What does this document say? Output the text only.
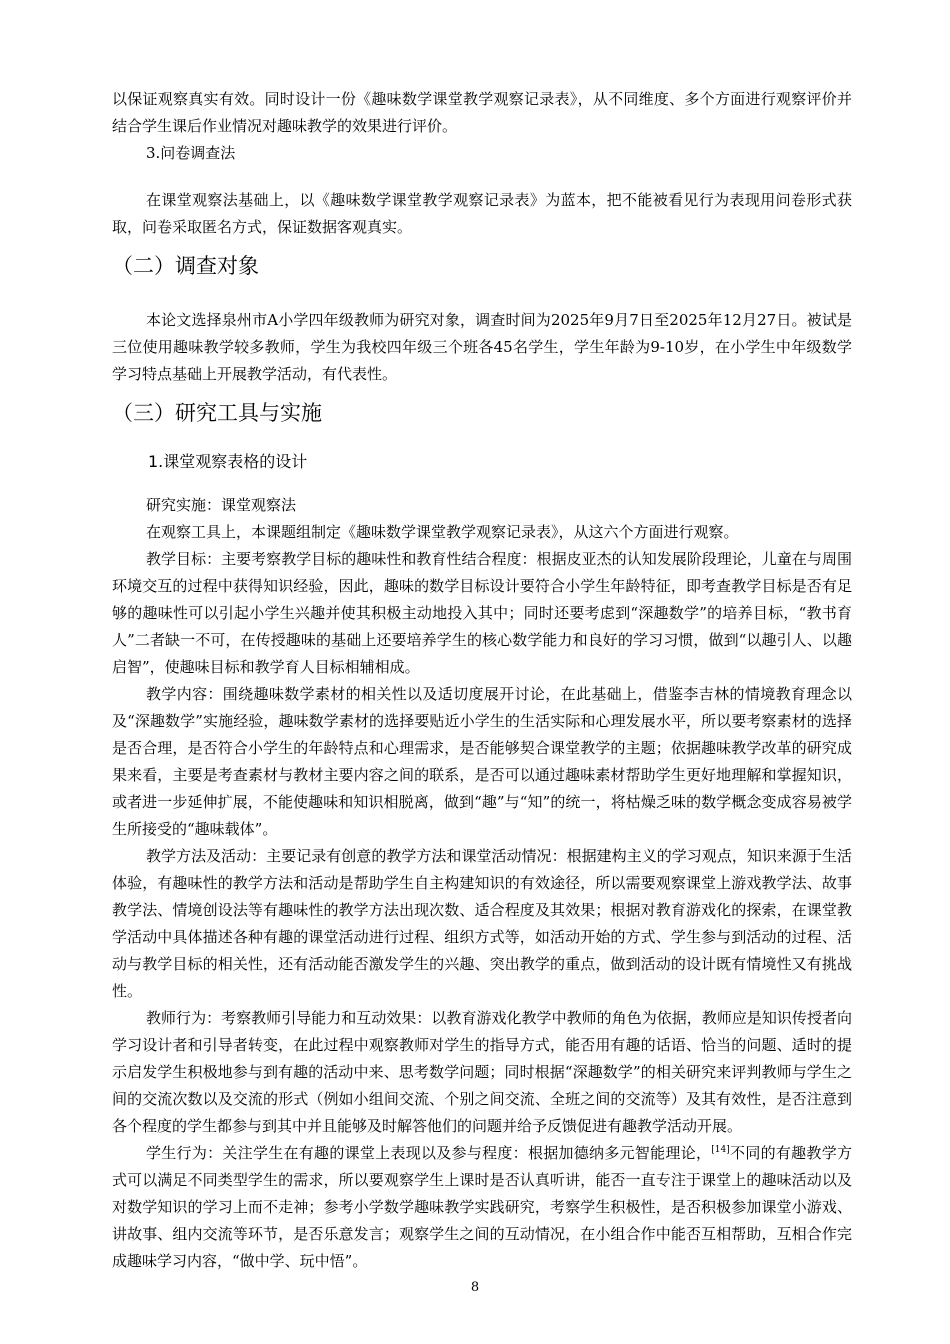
以保证观察真实有效。同时设计一份《趣味数学课堂教学观察记录表》，从不同维度、多个方面进行观察评价并结合学生课后作业情况对趣味教学的效果进行评价。

3.问卷调查法

在课堂观察法基础上，以《趣味数学课堂教学观察记录表》为蓝本，把不能被看见行为表现用问卷形式获取，问卷采取匿名方式，保证数据客观真实。

（二）调查对象

本论文选择泉州市A小学四年级教师为研究对象，调查时间为2025年9月7日至2025年12月27日。被试是三位使用趣味教学较多教师，学生为我校四年级三个班各45名学生，学生年龄为9-10岁，在小学生中年级数学学习特点基础上开展教学活动，有代表性。

（三）研究工具与实施
1.课堂观察表格的设计

研究实施：课堂观察法

在观察工具上，本课题组制定《趣味数学课堂教学观察记录表》，从这六个方面进行观察。

教学目标：主要考察教学目标的趣味性和教育性结合程度：根据皮亚杰的认知发展阶段理论，儿童在与周围环境交互的过程中获得知识经验，因此，趣味的数学目标设计要符合小学生年龄特征，即考查教学目标是否有足够的趣味性可以引起小学生兴趣并使其积极主动地投入其中；同时还要考虑到“深趣数学”的培养目标，“教书育人”二者缺一不可，在传授趣味的基础上还要培养学生的核心数学能力和良好的学习习惯，做到“以趣引人、以趣启智”，使趣味目标和教学育人目标相辅相成。

教学内容：围绕趣味数学素材的相关性以及适切度展开讨论，在此基础上，借鉴李吉林的情境教育理念以及“深趣数学”实施经验，趣味数学素材的选择要贴近小学生的生活实际和心理发展水平，所以要考察素材的选择是否合理，是否符合小学生的年龄特点和心理需求，是否能够契合课堂教学的主题；依据趣味教学改革的研究成果来看，主要是考查素材与教材主要内容之间的联系，是否可以通过趣味素材帮助学生更好地理解和掌握知识，或者进一步延伸扩展，不能使趣味和知识相脱离，做到“趣”与“知”的统一，将枯燥乏味的数学概念变成容易被学生所接受的“趣味载体”。

教学方法及活动：主要记录有创意的教学方法和课堂活动情况：根据建构主义的学习观点，知识来源于生活体验，有趣味性的教学方法和活动是帮助学生自主构建知识的有效途径，所以需要观察课堂上游戏教学法、故事教学法、情境创设法等有趣味性的教学方法出现次数、适合程度及其效果；根据对教育游戏化的探索，在课堂教学活动中具体描述各种有趣的课堂活动进行过程、组织方式等，如活动开始的方式、学生参与到活动的过程、活动与教学目标的相关性，还有活动能否激发学生的兴趣、突出教学的重点，做到活动的设计既有情境性又有挑战性。

教师行为：考察教师引导能力和互动效果：以教育游戏化教学中教师的角色为依据，教师应是知识传授者向学习设计者和引导者转变，在此过程中观察教师对学生的指导方式，能否用有趣的话语、恰当的问题、适时的提示启发学生积极地参与到有趣的活动中来、思考数学问题；同时根据“深趣数学”的相关研究来评判教师与学生之间的交流次数以及交流的形式（例如小组间交流、个别之间交流、全班之间的交流等）及其有效性，是否注意到各个程度的学生都参与到其中并且能够及时解答他们的问题并给予反馈促进有趣教学活动开展。

学生行为：关注学生在有趣的课堂上表现以及参与程度：根据加德纳多元智能理论，[14]不同的有趣教学方式可以满足不同类型学生的需求，所以要观察学生上课时是否认真听讲，能否一直专注于课堂上的趣味活动以及对数学知识的学习上而不走神；参考小学数学趣味教学实践研究，考察学生积极性，是否积极参加课堂小游戏、讲故事、组内交流等环节，是否乐意发言；观察学生之间的互动情况，在小组合作中能否互相帮助，互相合作完成趣味学习内容，“做中学、玩中悟”。

8
